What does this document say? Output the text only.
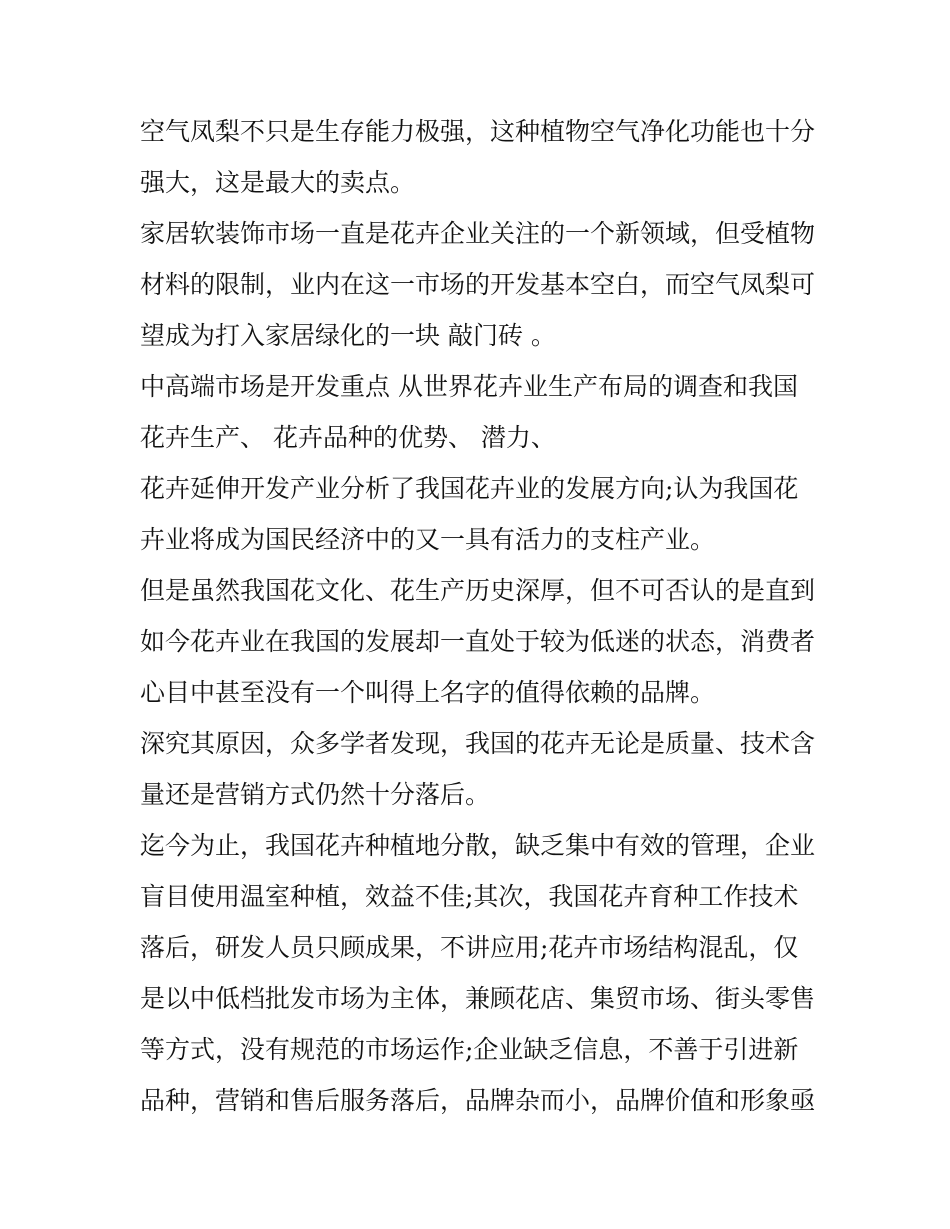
空气凤梨不只是生存能力极强，这种植物空气净化功能也十分
强大，这是最大的卖点。
家居软装饰市场一直是花卉企业关注的一个新领域，但受植物
材料的限制，业内在这一市场的开发基本空白，而空气凤梨可
望成为打入家居绿化的一块 敲门砖 。
中高端市场是开发重点 从世界花卉业生产布局的调查和我国
花卉生产、 花卉品种的优势、 潜力、
花卉延伸开发产业分析了我国花卉业的发展方向;认为我国花
卉业将成为国民经济中的又一具有活力的支柱产业。
但是虽然我国花文化、花生产历史深厚，但不可否认的是直到
如今花卉业在我国的发展却一直处于较为低迷的状态，消费者
心目中甚至没有一个叫得上名字的值得依赖的品牌。
深究其原因，众多学者发现，我国的花卉无论是质量、技术含
量还是营销方式仍然十分落后。
迄今为止，我国花卉种植地分散，缺乏集中有效的管理，企业
盲目使用温室种植，效益不佳;其次，我国花卉育种工作技术
落后，研发人员只顾成果，不讲应用;花卉市场结构混乱，仅
是以中低档批发市场为主体，兼顾花店、集贸市场、街头零售
等方式，没有规范的市场运作;企业缺乏信息，不善于引进新
品种，营销和售后服务落后，品牌杂而小，品牌价值和形象亟
